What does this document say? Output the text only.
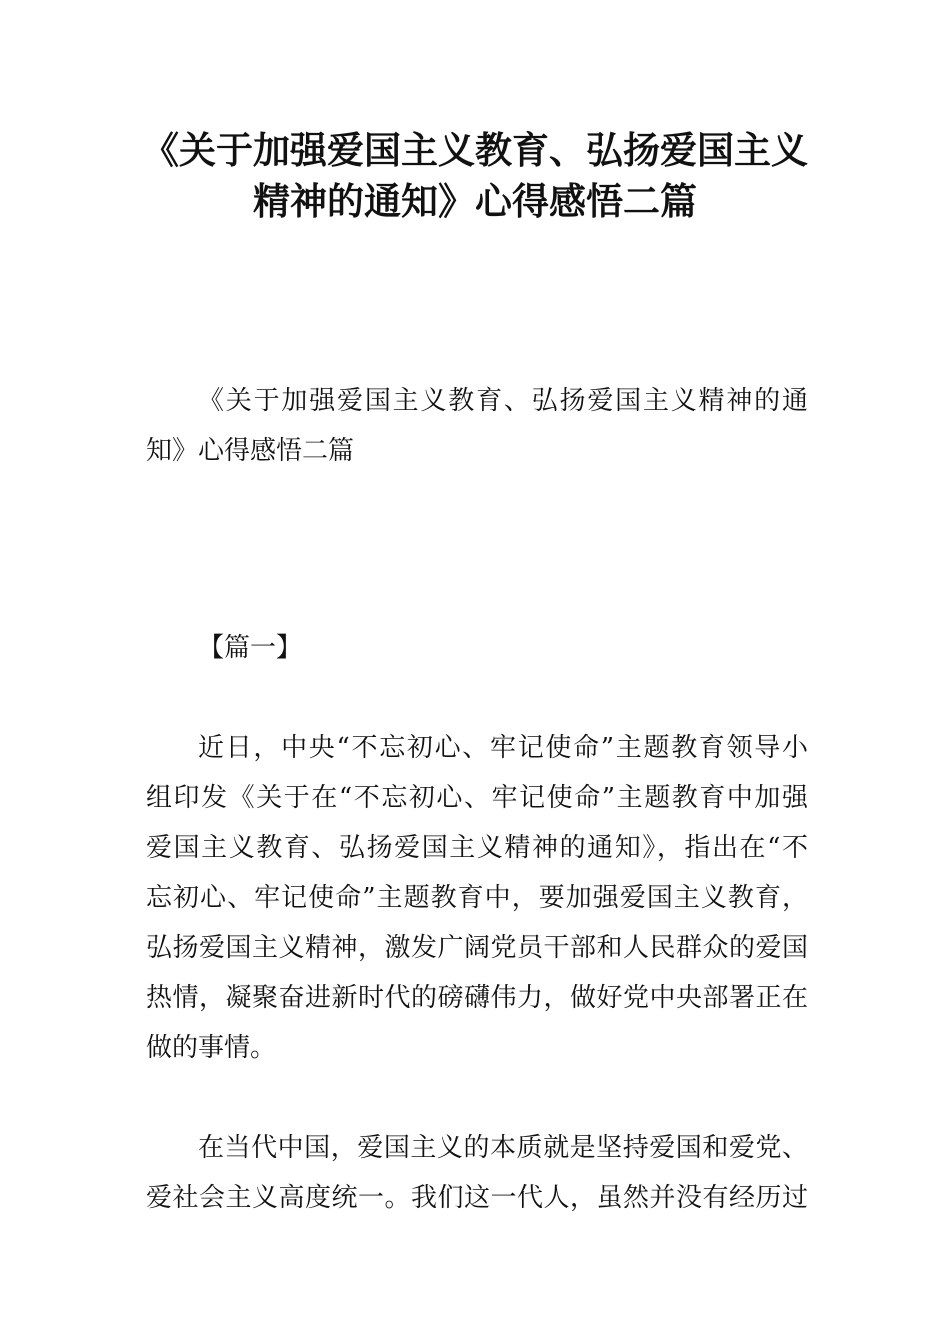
《关于加强爱国主义教育、弘扬爱国主义
精神的通知》心得感悟二篇
《关于加强爱国主义教育、弘扬爱国主义精神的通
知》心得感悟二篇
【篇一】
近日，中央“不忘初心、牢记使命”主题教育领导小
组印发《关于在“不忘初心、牢记使命”主题教育中加强
爱国主义教育、弘扬爱国主义精神的通知》，指出在“不
忘初心、牢记使命”主题教育中，要加强爱国主义教育，
弘扬爱国主义精神，激发广阔党员干部和人民群众的爱国
热情，凝聚奋进新时代的磅礴伟力，做好党中央部署正在
做的事情。
在当代中国，爱国主义的本质就是坚持爱国和爱党、
爱社会主义高度统一。我们这一代人，虽然并没有经历过
